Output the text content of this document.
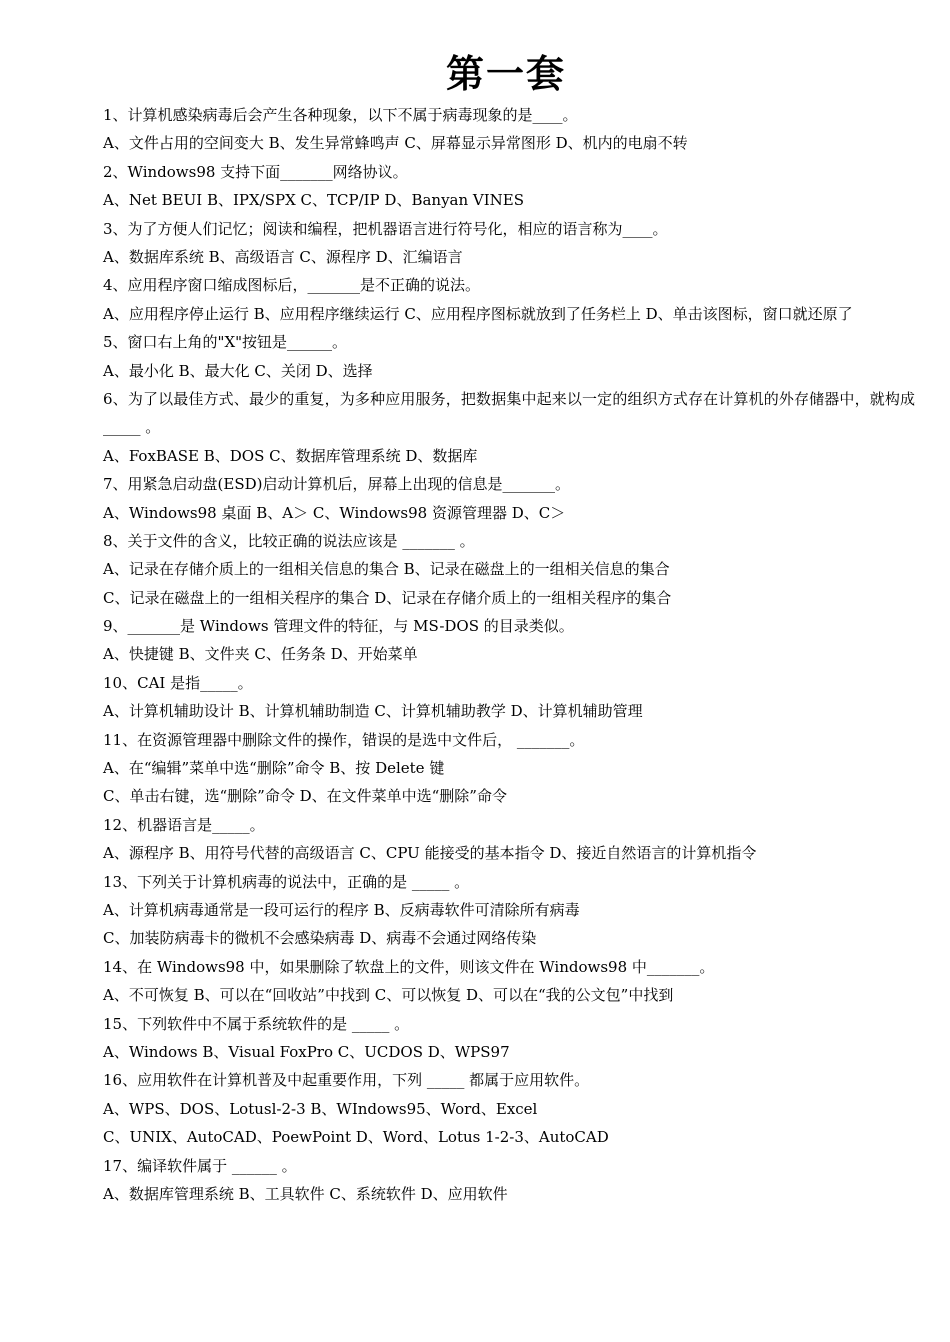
第一套
1、计算机感染病毒后会产生各种现象，以下不属于病毒现象的是____。
A、文件占用的空间变大 B、发生异常蜂鸣声 C、屏幕显示异常图形 D、机内的电扇不转
2、Windows98 支持下面_______网络协议。
A、Net BEUI B、IPX/SPX C、TCP/IP D、Banyan VINES
3、为了方便人们记忆；阅读和编程，把机器语言进行符号化，相应的语言称为____。
A、数据库系统 B、高级语言 C、源程序 D、汇编语言
4、应用程序窗口缩成图标后，_______是不正确的说法。
A、应用程序停止运行 B、应用程序继续运行 C、应用程序图标就放到了任务栏上 D、单击该图标，窗口就还原了
5、窗口右上角的"X"按钮是______。
A、最小化 B、最大化 C、关闭 D、选择
6、为了以最佳方式、最少的重复，为多种应用服务，把数据集中起来以一定的组织方式存在计算机的外存储器中，就构成 _____ 。
A、FoxBASE B、DOS C、数据库管理系统 D、数据库
7、用紧急启动盘(ESD)启动计算机后，屏幕上出现的信息是_______。
A、Windows98 桌面 B、A＞ C、Windows98 资源管理器 D、C＞
8、关于文件的含义，比较正确的说法应该是 _______ 。
A、记录在存储介质上的一组相关信息的集合 B、记录在磁盘上的一组相关信息的集合
C、记录在磁盘上的一组相关程序的集合 D、记录在存储介质上的一组相关程序的集合
9、_______是 Windows 管理文件的特征，与 MS-DOS 的目录类似。
A、快捷键 B、文件夹 C、任务条 D、开始菜单
10、CAI 是指_____。
A、计算机辅助设计 B、计算机辅助制造 C、计算机辅助教学 D、计算机辅助管理
11、在资源管理器中删除文件的操作，错误的是选中文件后， _______。
A、在“编辑”菜单中选“删除”命令 B、按 Delete 键
C、单击右键，选“删除”命令 D、在文件菜单中选“删除”命令
12、机器语言是_____。
A、源程序 B、用符号代替的高级语言 C、CPU 能接受的基本指令 D、接近自然语言的计算机指令
13、下列关于计算机病毒的说法中，正确的是 _____ 。
A、计算机病毒通常是一段可运行的程序 B、反病毒软件可清除所有病毒
C、加装防病毒卡的微机不会感染病毒 D、病毒不会通过网络传染
14、在 Windows98 中，如果删除了软盘上的文件，则该文件在 Windows98 中_______。
A、不可恢复 B、可以在“回收站”中找到 C、可以恢复 D、可以在“我的公文包”中找到
15、下列软件中不属于系统软件的是 _____ 。
A、Windows B、Visual FoxPro C、UCDOS D、WPS97
16、应用软件在计算机普及中起重要作用，下列 _____ 都属于应用软件。
A、WPS、DOS、Lotusl-2-3 B、WIndows95、Word、Excel
C、UNIX、AutoCAD、PoewPoint D、Word、Lotus 1-2-3、AutoCAD
17、编译软件属于 ______ 。
A、数据库管理系统 B、工具软件 C、系统软件 D、应用软件
